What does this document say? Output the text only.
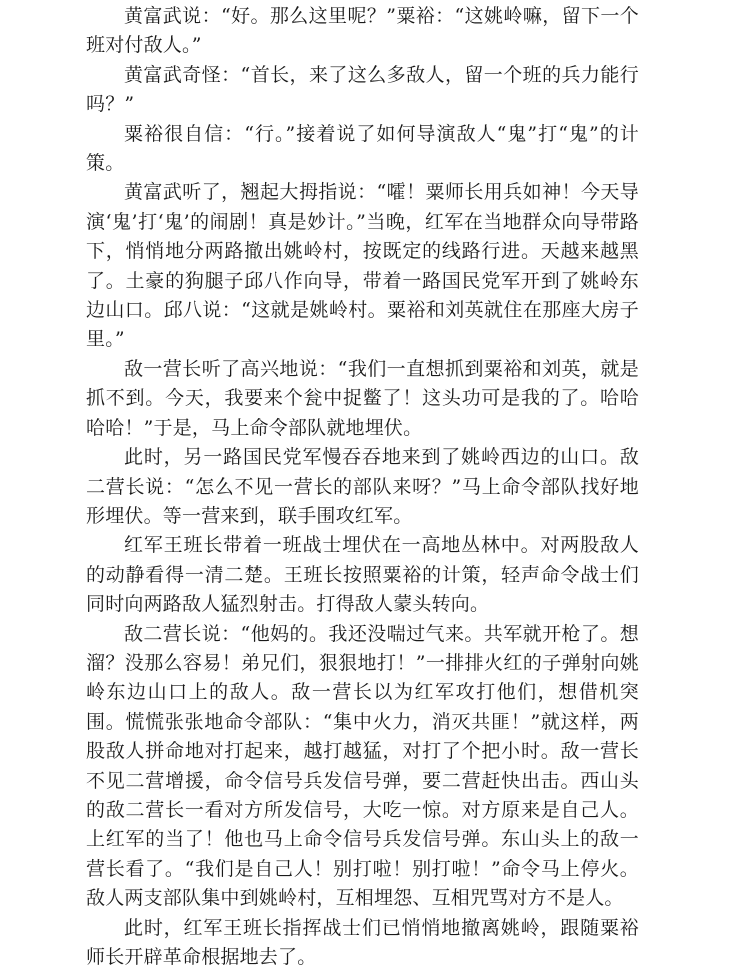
黄富武说：“好。那么这里呢？”粟裕：“这姚岭嘛，留下一个班对付敌人。”

黄富武奇怪：“首长，来了这么多敌人，留一个班的兵力能行吗？”

粟裕很自信：“行。”接着说了如何导演敌人“鬼”打“鬼”的计策。

黄富武听了，翘起大拇指说：“嚯！粟师长用兵如神！今天导演‘鬼’打‘鬼’的闹剧！真是妙计。”当晚，红军在当地群众向导带路下，悄悄地分两路撤出姚岭村，按既定的线路行进。天越来越黑了。土豪的狗腿子邱八作向导，带着一路国民党军开到了姚岭东边山口。邱八说：“这就是姚岭村。粟裕和刘英就住在那座大房子里。”

敌一营长听了高兴地说：“我们一直想抓到粟裕和刘英，就是抓不到。今天，我要来个瓮中捉鳖了！这头功可是我的了。哈哈哈哈！”于是，马上命令部队就地埋伏。

此时，另一路国民党军慢吞吞地来到了姚岭西边的山口。敌二营长说：“怎么不见一营长的部队来呀？”马上命令部队找好地形埋伏。等一营来到，联手围攻红军。

红军王班长带着一班战士埋伏在一高地丛林中。对两股敌人的动静看得一清二楚。王班长按照粟裕的计策，轻声命令战士们同时向两路敌人猛烈射击。打得敌人蒙头转向。

敌二营长说：“他妈的。我还没喘过气来。共军就开枪了。想溜？没那么容易！弟兄们，狠狠地打！”一排排火红的子弹射向姚岭东边山口上的敌人。敌一营长以为红军攻打他们，想借机突围。慌慌张张地命令部队：“集中火力，消灭共匪！”就这样，两股敌人拼命地对打起来，越打越猛，对打了个把小时。敌一营长不见二营增援，命令信号兵发信号弹，要二营赶快出击。西山头的敌二营长一看对方所发信号，大吃一惊。对方原来是自己人。上红军的当了！他也马上命令信号兵发信号弹。东山头上的敌一营长看了。“我们是自己人！别打啦！别打啦！”命令马上停火。敌人两支部队集中到姚岭村，互相埋怨、互相咒骂对方不是人。

此时，红军王班长指挥战士们已悄悄地撤离姚岭，跟随粟裕师长开辟革命根据地去了。
